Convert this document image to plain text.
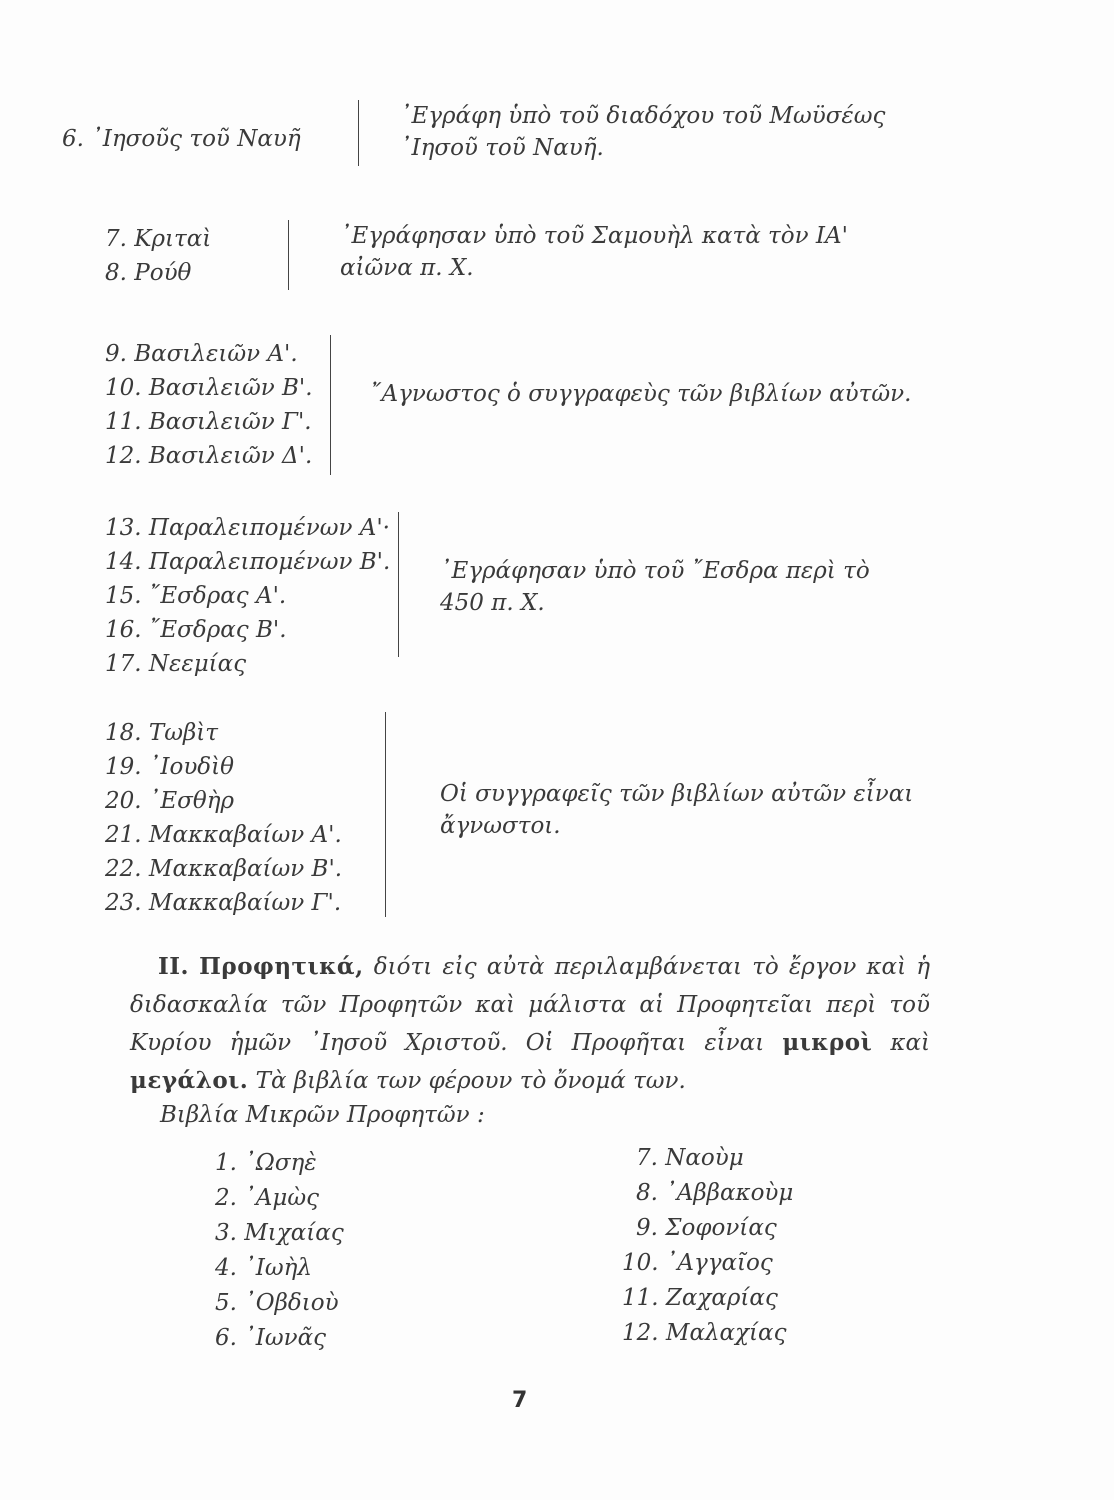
6. ᾿Ιησοῦς τοῦ Ναυῆ
᾿Εγράφη ὑπὸ τοῦ διαδόχου τοῦ Μωϋσέως
᾿Ιησοῦ τοῦ Ναυῆ.
7. Κριταὶ
8. Ρούθ
᾿Εγράφησαν ὑπὸ τοῦ Σαμουὴλ κατὰ τὸν ΙΑ'
αἰῶνα π. Χ.
9. Βασιλειῶν Α'.
10. Βασιλειῶν Β'.
11. Βασιλειῶν Γ'.
12. Βασιλειῶν Δ'.
῎Αγνωστος ὁ συγγραφεὺς τῶν βιβλίων αὐτῶν.
13. Παραλειπομένων Α'·
14. Παραλειπομένων Β'.
15. ῎Εσδρας Α'.
16. ῎Εσδρας Β'.
17. Νεεμίας
᾿Εγράφησαν ὑπὸ τοῦ ῎Εσδρα περὶ τὸ
450 π. Χ.
18. Τωβὶτ
19. ᾿Ιουδὶθ
20. ᾿Εσθὴρ
21. Μακκαβαίων Α'.
22. Μακκαβαίων Β'.
23. Μακκαβαίων Γ'.
Οἱ συγγραφεῖς τῶν βιβλίων αὐτῶν εἶναι
ἄγνωστοι.
II. Προφητικά, διότι εἰς αὐτὰ περιλαμβάνεται τὸ ἔργον καὶ ἡ διδασκαλία τῶν Προφητῶν καὶ μάλιστα αἱ Προφητεῖαι περὶ τοῦ Κυρίου ἡμῶν ᾿Ιησοῦ Χριστοῦ. Οἱ Προφῆται εἶναι μικροὶ καὶ μεγάλοι. Τὰ βιβλία των φέρουν τὸ ὄνομά των.
Βιβλία Μικρῶν Προφητῶν :
1. ᾿Ωσηὲ
2. ᾿Αμὼς
3. Μιχαίας
4. ᾿Ιωὴλ
5. ᾿Οβδιοὺ
6. ᾿Ιωνᾶς
7. Ναοὺμ
8. ᾿Αββακοὺμ
9. Σοφονίας
10. ᾿Αγγαῖος
11. Ζαχαρίας
12. Μαλαχίας
7
